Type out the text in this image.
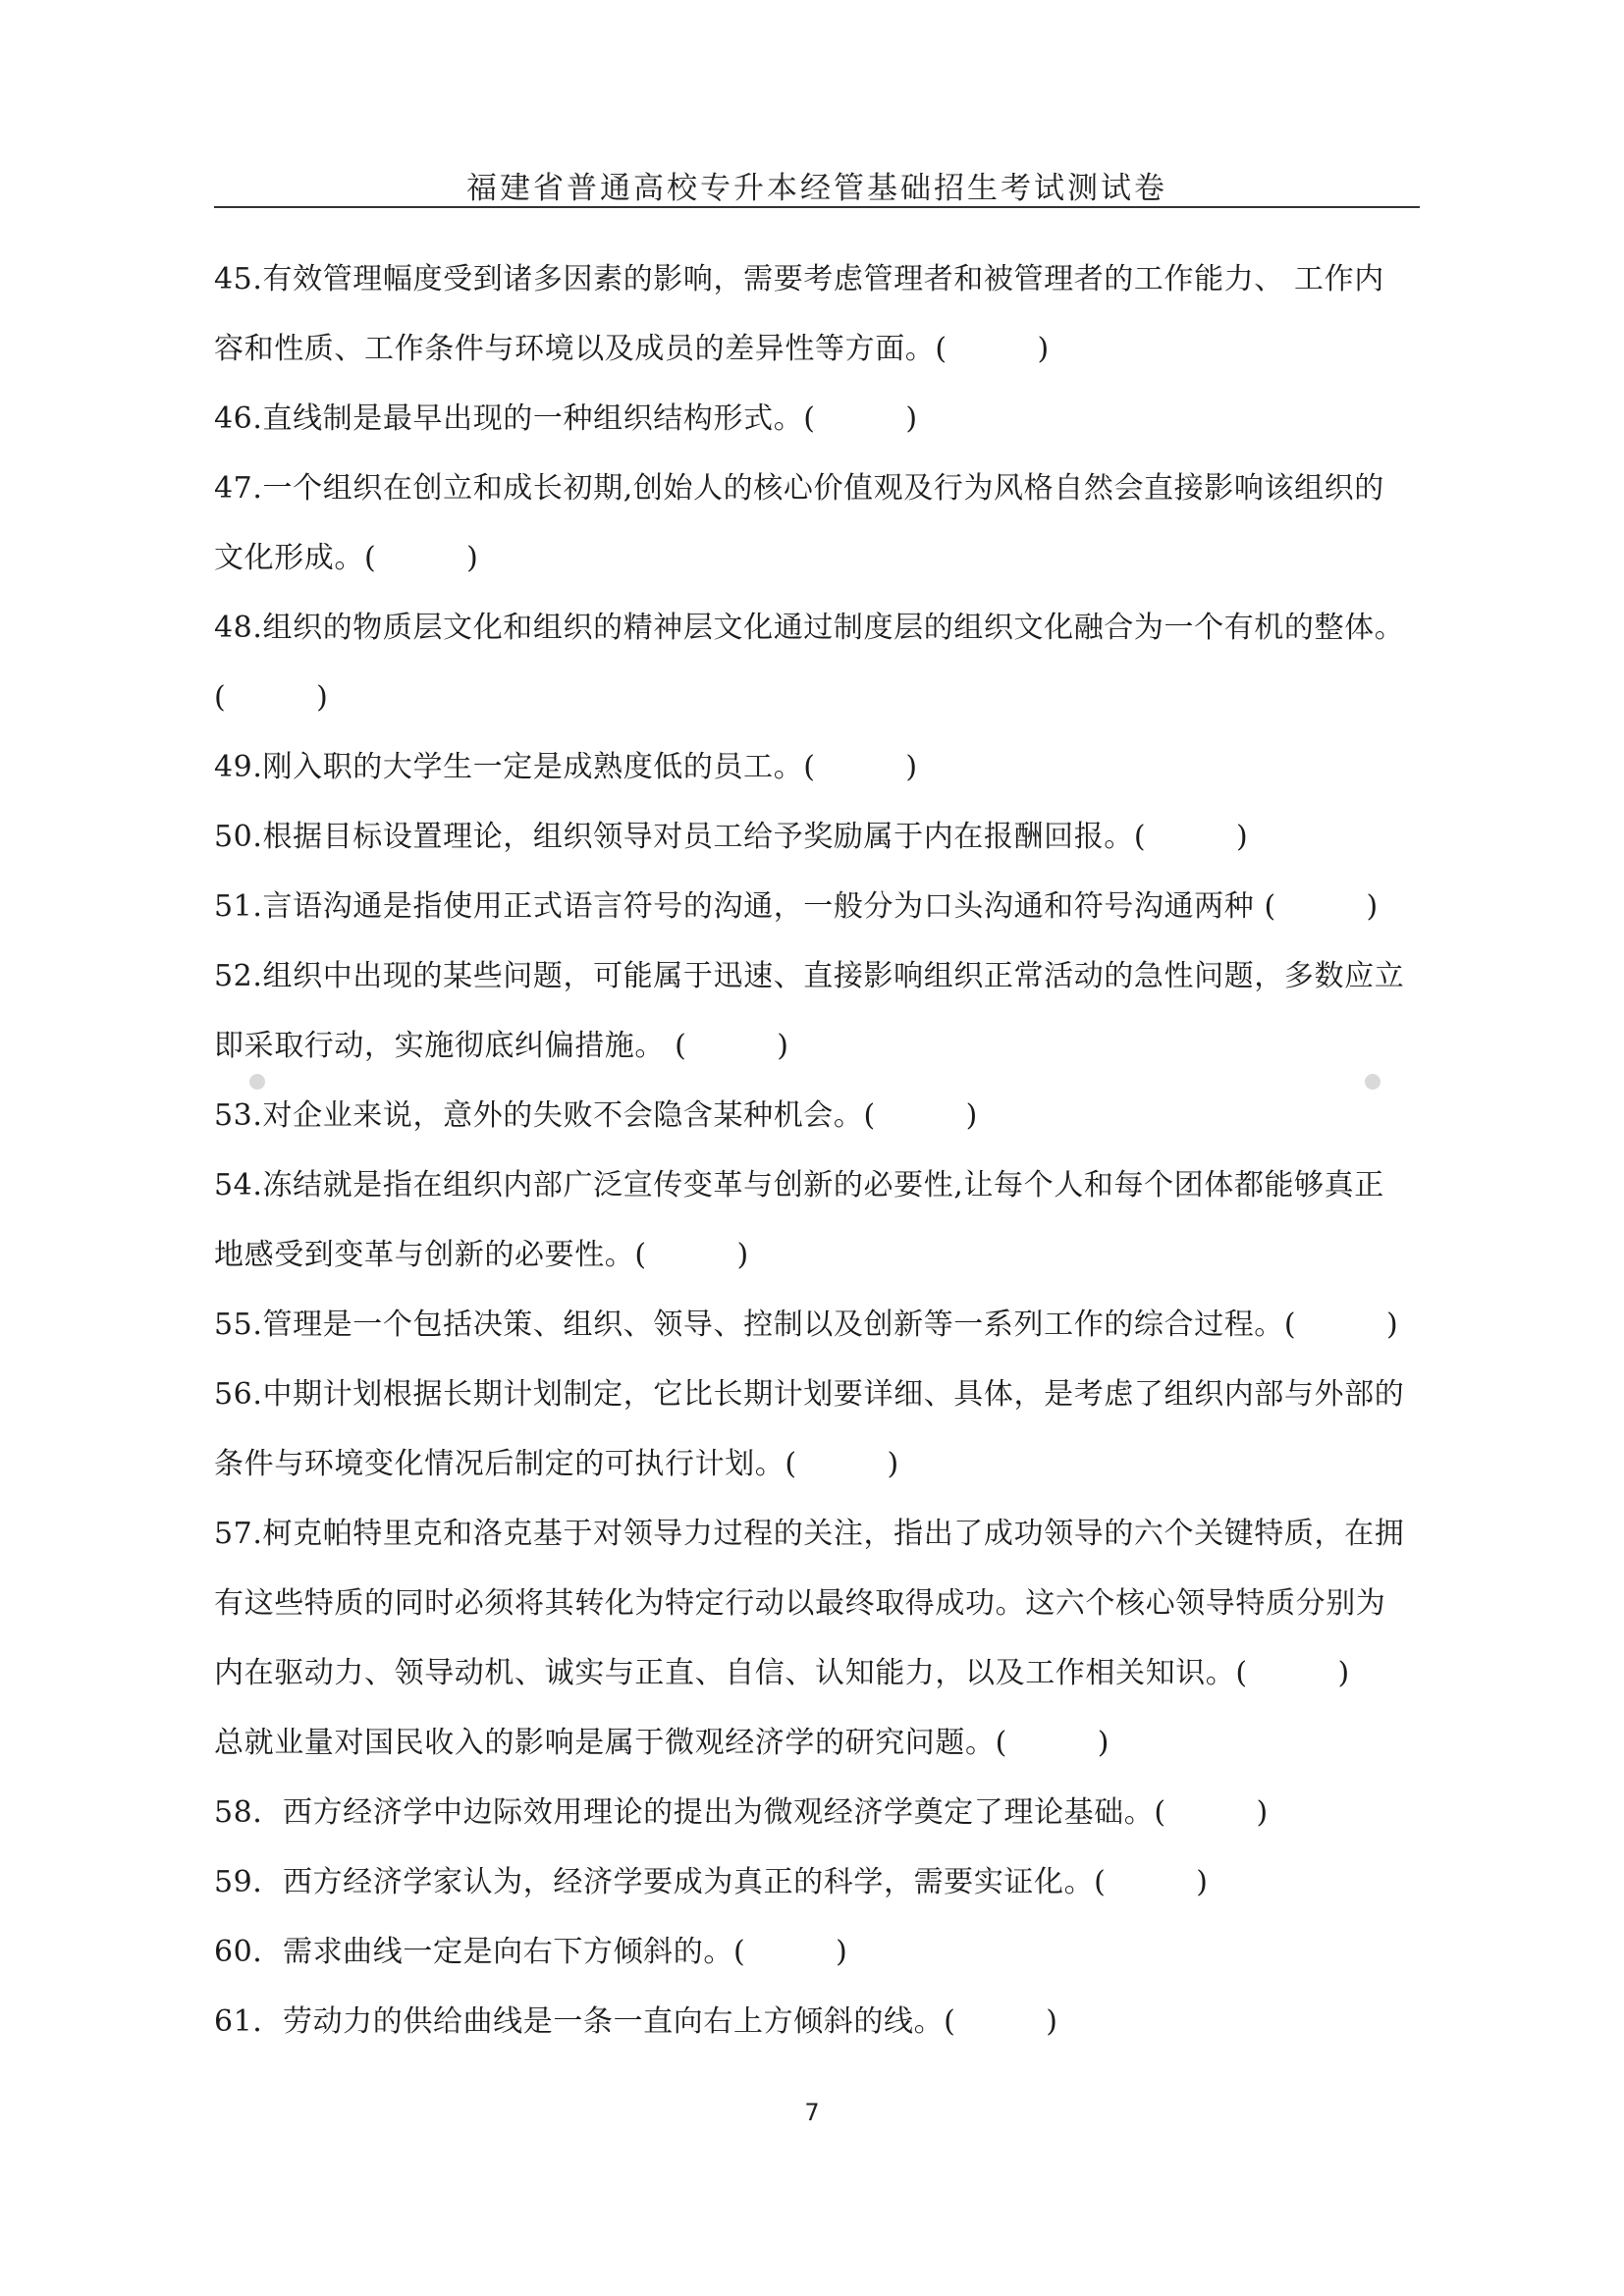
福建省普通高校专升本经管基础招生考试测试卷
45.有效管理幅度受到诸多因素的影响，需要考虑管理者和被管理者的工作能力、 工作内
容和性质、工作条件与环境以及成员的差异性等方面。(　　　)
46.直线制是最早出现的一种组织结构形式。(　　　)
47.一个组织在创立和成长初期,创始人的核心价值观及行为风格自然会直接影响该组织的
文化形成。(　　　)
48.组织的物质层文化和组织的精神层文化通过制度层的组织文化融合为一个有机的整体。
(　　　)
49.刚入职的大学生一定是成熟度低的员工。(　　　)
50.根据目标设置理论，组织领导对员工给予奖励属于内在报酬回报。(　　　)
51.言语沟通是指使用正式语言符号的沟通，一般分为口头沟通和符号沟通两种 (　　　)
52.组织中出现的某些问题，可能属于迅速、直接影响组织正常活动的急性问题，多数应立
即采取行动，实施彻底纠偏措施。 (　　　)
53.对企业来说，意外的失败不会隐含某种机会。(　　　)
54.冻结就是指在组织内部广泛宣传变革与创新的必要性,让每个人和每个团体都能够真正
地感受到变革与创新的必要性。(　　　)
55.管理是一个包括决策、组织、领导、控制以及创新等一系列工作的综合过程。(　　　)
56.中期计划根据长期计划制定，它比长期计划要详细、具体，是考虑了组织内部与外部的
条件与环境变化情况后制定的可执行计划。(　　　)
57.柯克帕特里克和洛克基于对领导力过程的关注，指出了成功领导的六个关键特质，在拥
有这些特质的同时必须将其转化为特定行动以最终取得成功。这六个核心领导特质分别为
内在驱动力、领导动机、诚实与正直、自信、认知能力，以及工作相关知识。(　　　)
总就业量对国民收入的影响是属于微观经济学的研究问题。(　　　)
58．西方经济学中边际效用理论的提出为微观经济学奠定了理论基础。(　　　)
59．西方经济学家认为，经济学要成为真正的科学，需要实证化。(　　　)
60．需求曲线一定是向右下方倾斜的。(　　　)
61．劳动力的供给曲线是一条一直向右上方倾斜的线。(　　　)
7
